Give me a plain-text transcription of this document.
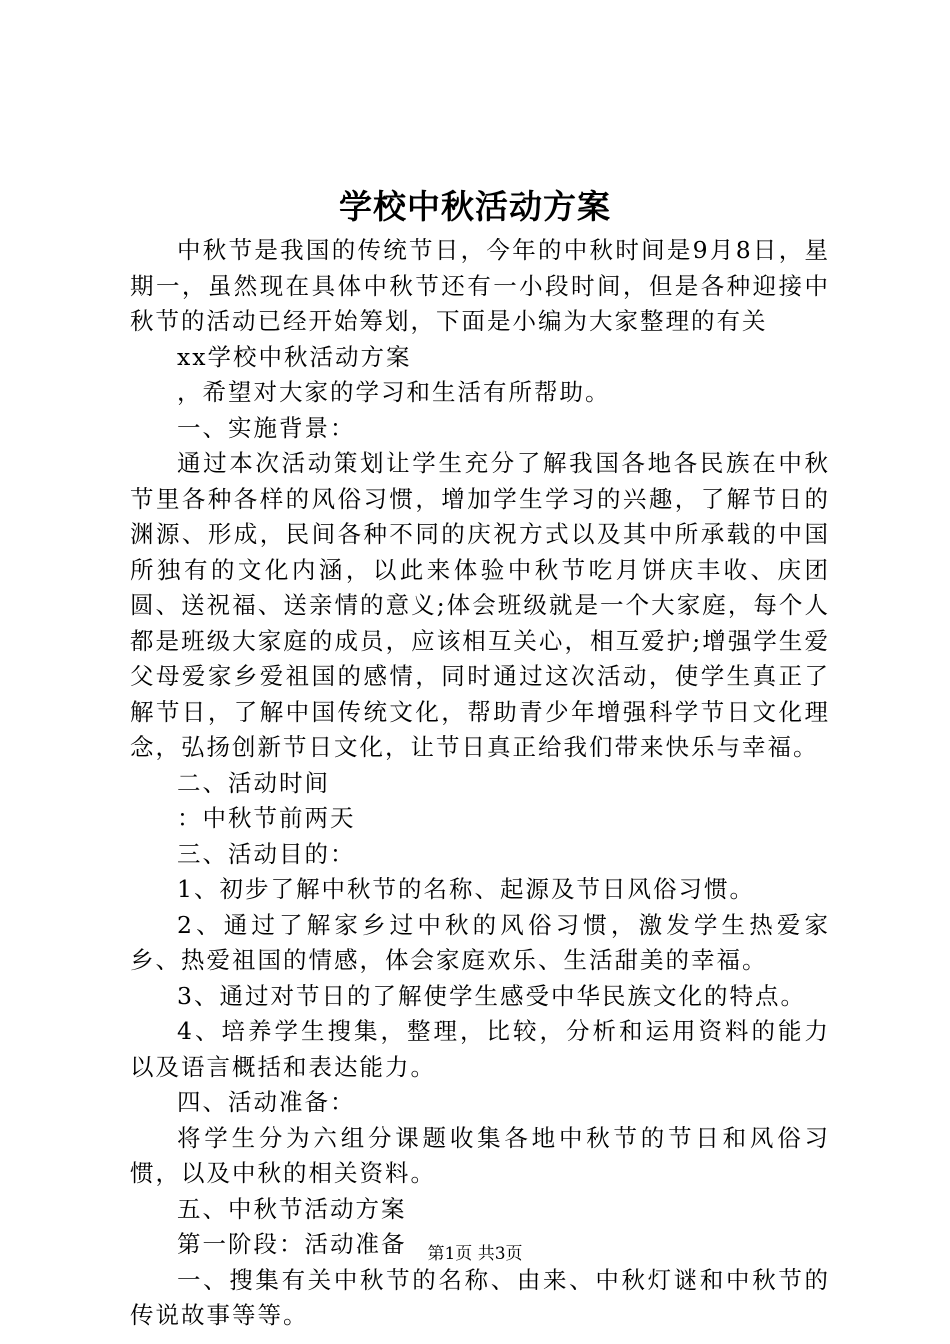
学校中秋活动方案

中秋节是我国的传统节日，今年的中秋时间是9月8日，星期一，虽然现在具体中秋节还有一小段时间，但是各种迎接中秋节的活动已经开始筹划，下面是小编为大家整理的有关

xx学校中秋活动方案

，希望对大家的学习和生活有所帮助。

一、实施背景：

通过本次活动策划让学生充分了解我国各地各民族在中秋节里各种各样的风俗习惯，增加学生学习的兴趣，了解节日的渊源、形成，民间各种不同的庆祝方式以及其中所承载的中国所独有的文化内涵，以此来体验中秋节吃月饼庆丰收、庆团圆、送祝福、送亲情的意义;体会班级就是一个大家庭，每个人都是班级大家庭的成员，应该相互关心，相互爱护;增强学生爱父母爱家乡爱祖国的感情，同时通过这次活动，使学生真正了解节日，了解中国传统文化，帮助青少年增强科学节日文化理念，弘扬创新节日文化，让节日真正给我们带来快乐与幸福。

二、活动时间

：中秋节前两天

三、活动目的：

1、初步了解中秋节的名称、起源及节日风俗习惯。

2、通过了解家乡过中秋的风俗习惯，激发学生热爱家乡、热爱祖国的情感，体会家庭欢乐、生活甜美的幸福。

3、通过对节日的了解使学生感受中华民族文化的特点。

4、培养学生搜集，整理，比较，分析和运用资料的能力以及语言概括和表达能力。

四、活动准备：

将学生分为六组分课题收集各地中秋节的节日和风俗习惯，以及中秋的相关资料。

五、中秋节活动方案

第一阶段：活动准备

一、搜集有关中秋节的名称、由来、中秋灯谜和中秋节的传说故事等等。

第1页 共3页
